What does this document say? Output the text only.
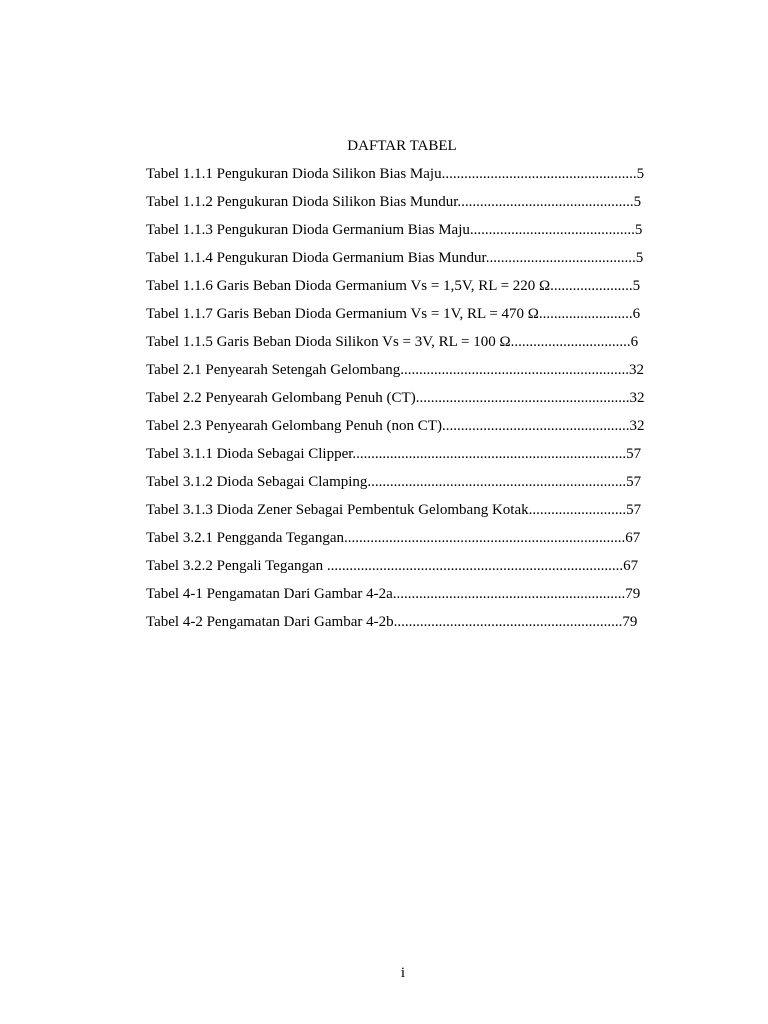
DAFTAR TABEL
Tabel 1.1.1 Pengukuran Dioda Silikon Bias Maju....................................................5
Tabel 1.1.2 Pengukuran Dioda Silikon Bias Mundur...............................................5
Tabel 1.1.3 Pengukuran Dioda Germanium Bias Maju............................................5
Tabel 1.1.4 Pengukuran Dioda Germanium Bias Mundur........................................5
Tabel 1.1.6 Garis Beban Dioda Germanium Vs = 1,5V, RL = 220 Ω......................5
Tabel 1.1.7 Garis Beban Dioda Germanium Vs = 1V, RL = 470 Ω.........................6
Tabel 1.1.5 Garis Beban Dioda Silikon Vs = 3V, RL = 100 Ω................................6
Tabel 2.1 Penyearah Setengah Gelombang.............................................................32
Tabel 2.2 Penyearah Gelombang Penuh (CT).........................................................32
Tabel 2.3 Penyearah Gelombang Penuh (non CT)..................................................32
Tabel 3.1.1 Dioda Sebagai Clipper.........................................................................57
Tabel 3.1.2 Dioda Sebagai Clamping.....................................................................57
Tabel 3.1.3 Dioda Zener Sebagai Pembentuk Gelombang Kotak..........................57
Tabel 3.2.1 Pengganda Tegangan...........................................................................67
Tabel 3.2.2 Pengali Tegangan ...............................................................................67
Tabel 4-1 Pengamatan Dari Gambar 4-2a..............................................................79
Tabel 4-2 Pengamatan Dari Gambar 4-2b.............................................................79
i
